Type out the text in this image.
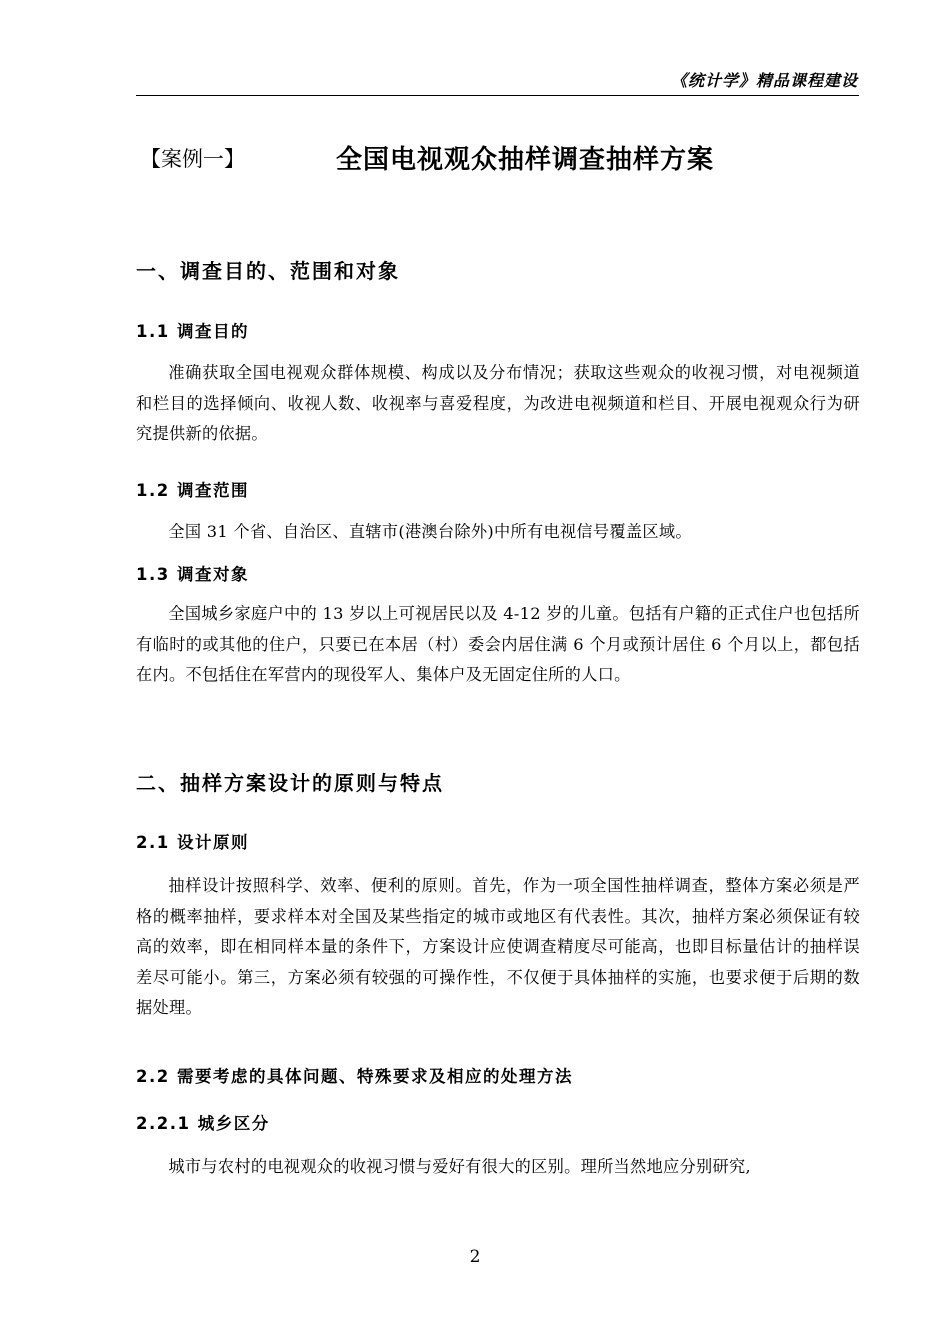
《统计学》精品课程建设
【案例一】	全国电视观众抽样调查抽样方案
一、调查目的、范围和对象
1.1 调查目的

准确获取全国电视观众群体规模、构成以及分布情况；获取这些观众的收视习惯，对电视频道和栏目的选择倾向、收视人数、收视率与喜爱程度，为改进电视频道和栏目、开展电视观众行为研究提供新的依据。

1.2 调查范围

全国 31 个省、自治区、直辖市(港澳台除外)中所有电视信号覆盖区域。

1.3 调查对象

全国城乡家庭户中的 13 岁以上可视居民以及 4-12 岁的儿童。包括有户籍的正式住户也包括所有临时的或其他的住户，只要已在本居（村）委会内居住满 6 个月或预计居住 6 个月以上，都包括在内。不包括住在军营内的现役军人、集体户及无固定住所的人口。

二、抽样方案设计的原则与特点
2.1 设计原则

抽样设计按照科学、效率、便利的原则。首先，作为一项全国性抽样调查，整体方案必须是严格的概率抽样，要求样本对全国及某些指定的城市或地区有代表性。其次，抽样方案必须保证有较高的效率，即在相同样本量的条件下，方案设计应使调查精度尽可能高，也即目标量估计的抽样误差尽可能小。第三，方案必须有较强的可操作性，不仅便于具体抽样的实施，也要求便于后期的数据处理。

2.2 需要考虑的具体问题、特殊要求及相应的处理方法
2.2.1 城乡区分

城市与农村的电视观众的收视习惯与爱好有很大的区别。理所当然地应分别研究,

2
